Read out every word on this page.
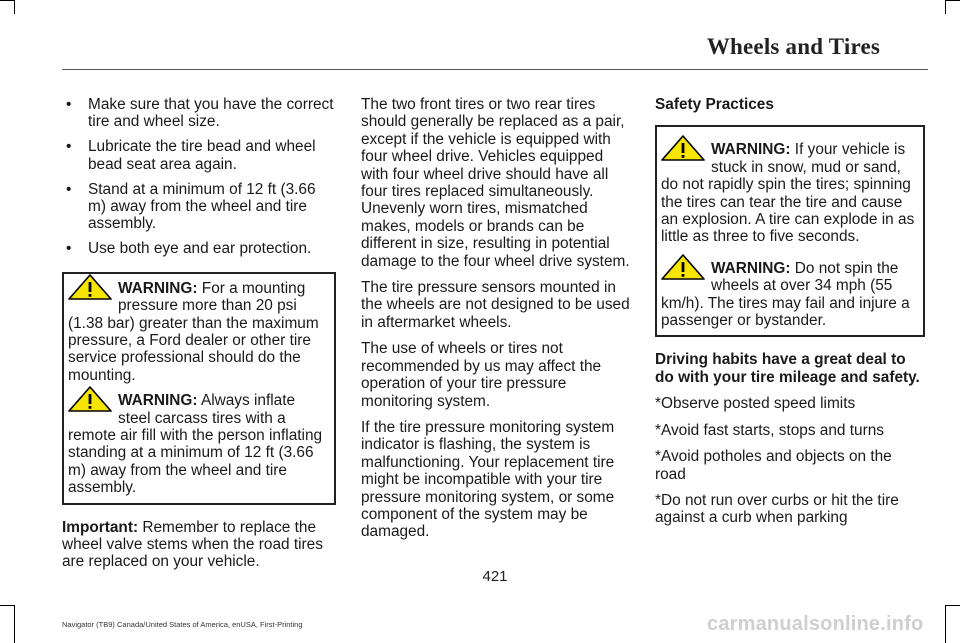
Wheels and Tires
• Make sure that you have the correct tire and wheel size.
• Lubricate the tire bead and wheel bead seat area again.
• Stand at a minimum of 12 ft (3.66 m) away from the wheel and tire assembly.
• Use both eye and ear protection.
WARNING: For a mounting pressure more than 20 psi (1.38 bar) greater than the maximum pressure, a Ford dealer or other tire service professional should do the mounting.
WARNING: Always inflate steel carcass tires with a remote air fill with the person inflating standing at a minimum of 12 ft (3.66 m) away from the wheel and tire assembly.

Important: Remember to replace the wheel valve stems when the road tires are replaced on your vehicle.

The two front tires or two rear tires should generally be replaced as a pair, except if the vehicle is equipped with four wheel drive. Vehicles equipped with four wheel drive should have all four tires replaced simultaneously. Unevenly worn tires, mismatched makes, models or brands can be different in size, resulting in potential damage to the four wheel drive system.

The tire pressure sensors mounted in the wheels are not designed to be used in aftermarket wheels.

The use of wheels or tires not recommended by us may affect the operation of your tire pressure monitoring system.

If the tire pressure monitoring system indicator is flashing, the system is malfunctioning. Your replacement tire might be incompatible with your tire pressure monitoring system, or some component of the system may be damaged.

Safety Practices

WARNING: If your vehicle is stuck in snow, mud or sand, do not rapidly spin the tires; spinning the tires can tear the tire and cause an explosion. A tire can explode in as little as three to five seconds.
WARNING: Do not spin the wheels at over 34 mph (55 km/h). The tires may fail and injure a passenger or bystander.

Driving habits have a great deal to do with your tire mileage and safety.

*Observe posted speed limits

*Avoid fast starts, stops and turns

*Avoid potholes and objects on the road

*Do not run over curbs or hit the tire against a curb when parking

421
Navigator (TB9) Canada/United States of America, enUSA, First-Printing	carmanualsonline.info
